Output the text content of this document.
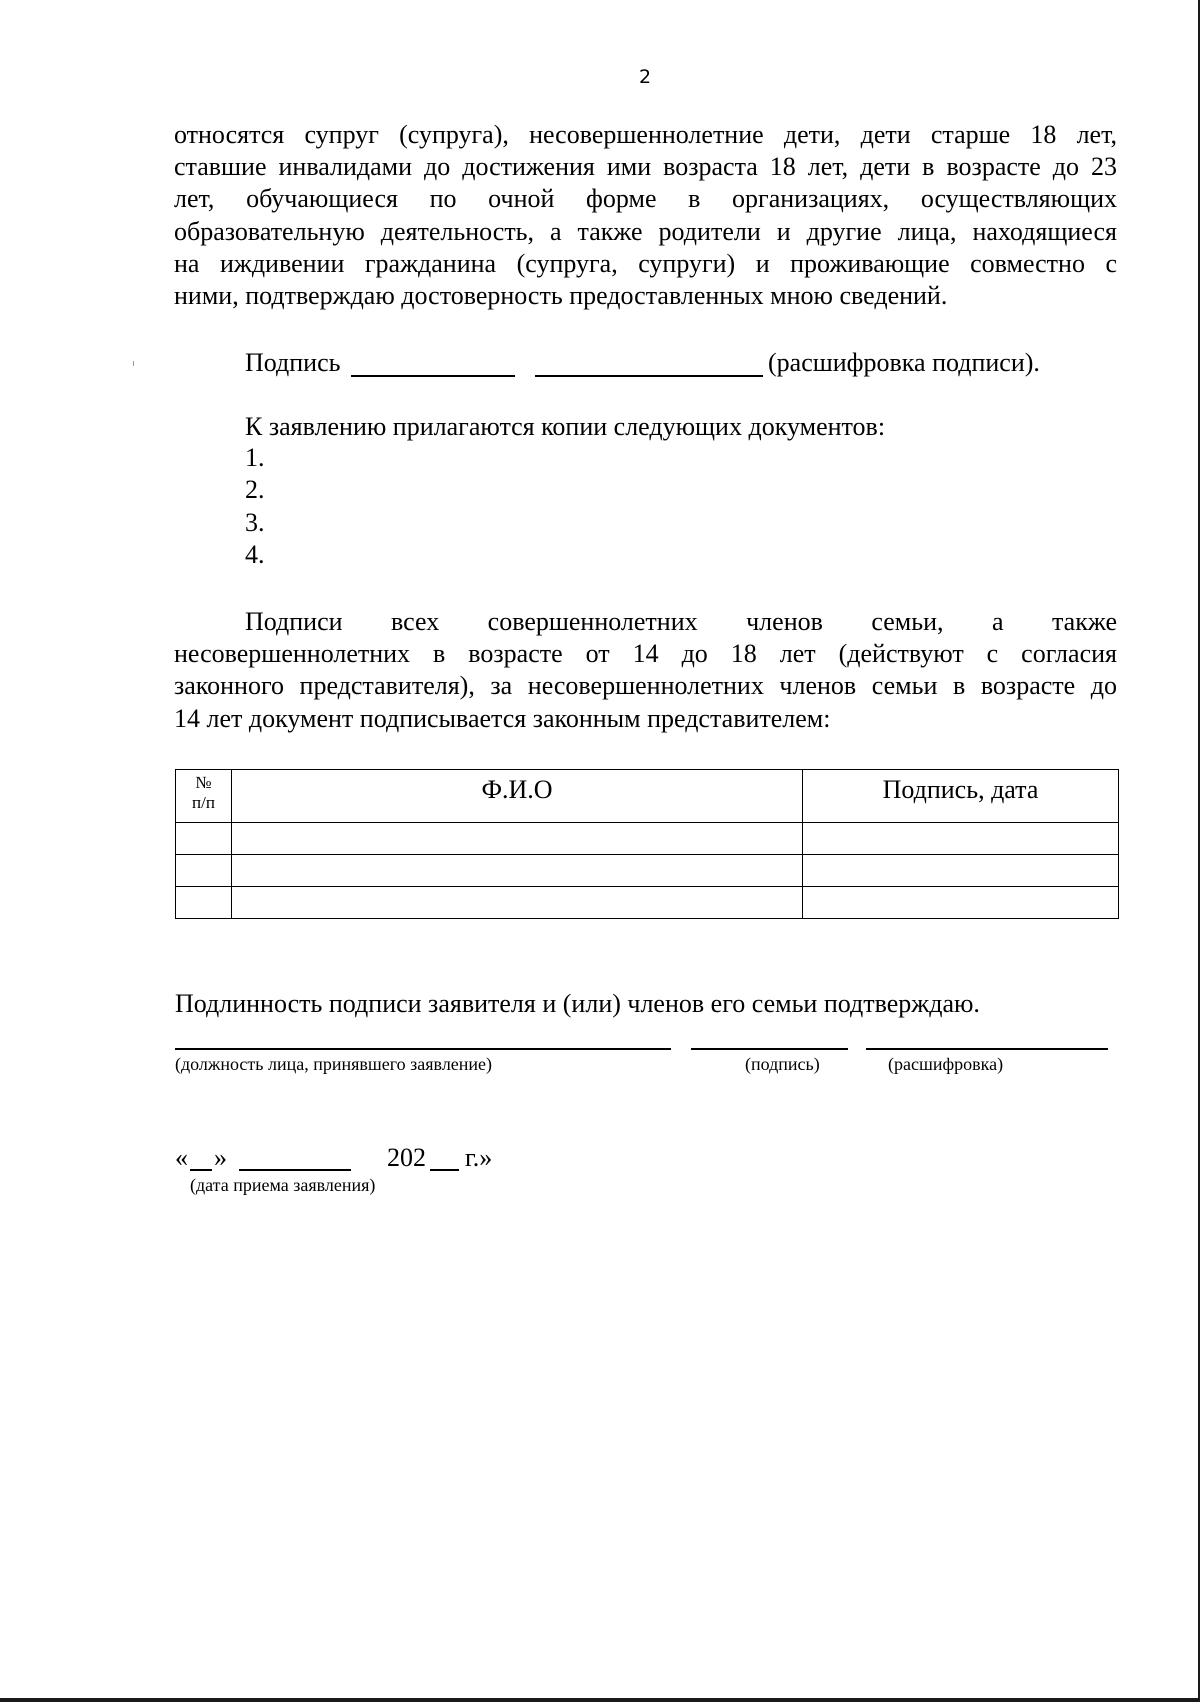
2
относятся супруг (супруга), несовершеннолетние дети, дети старше 18 лет,
ставшие инвалидами до достижения ими возраста 18 лет, дети в возрасте до 23
лет, обучающиеся по очной форме в организациях, осуществляющих
образовательную деятельность, а также родители и другие лица, находящиеся
на иждивении гражданина (супруга, супруги) и проживающие совместно с
ними, подтверждаю достоверность предоставленных мною сведений.
Подпись	(расшифровка подписи).
К заявлению прилагаются копии следующих документов:
1.
2.
3.
4.
Подписи всех совершеннолетних членов семьи, а также
несовершеннолетних в возрасте от 14 до 18 лет (действуют с согласия
законного представителя), за несовершеннолетних членов семьи в возрасте до
14 лет документ подписывается законным представителем:
№
п/п	Ф.И.О	Подпись, дата

Подлинность подписи заявителя и (или) членов его семьи подтверждаю.
(должность лица, принявшего заявление)	(подпись)	(расшифровка)
« »	202 г.»
(дата приема заявления)
